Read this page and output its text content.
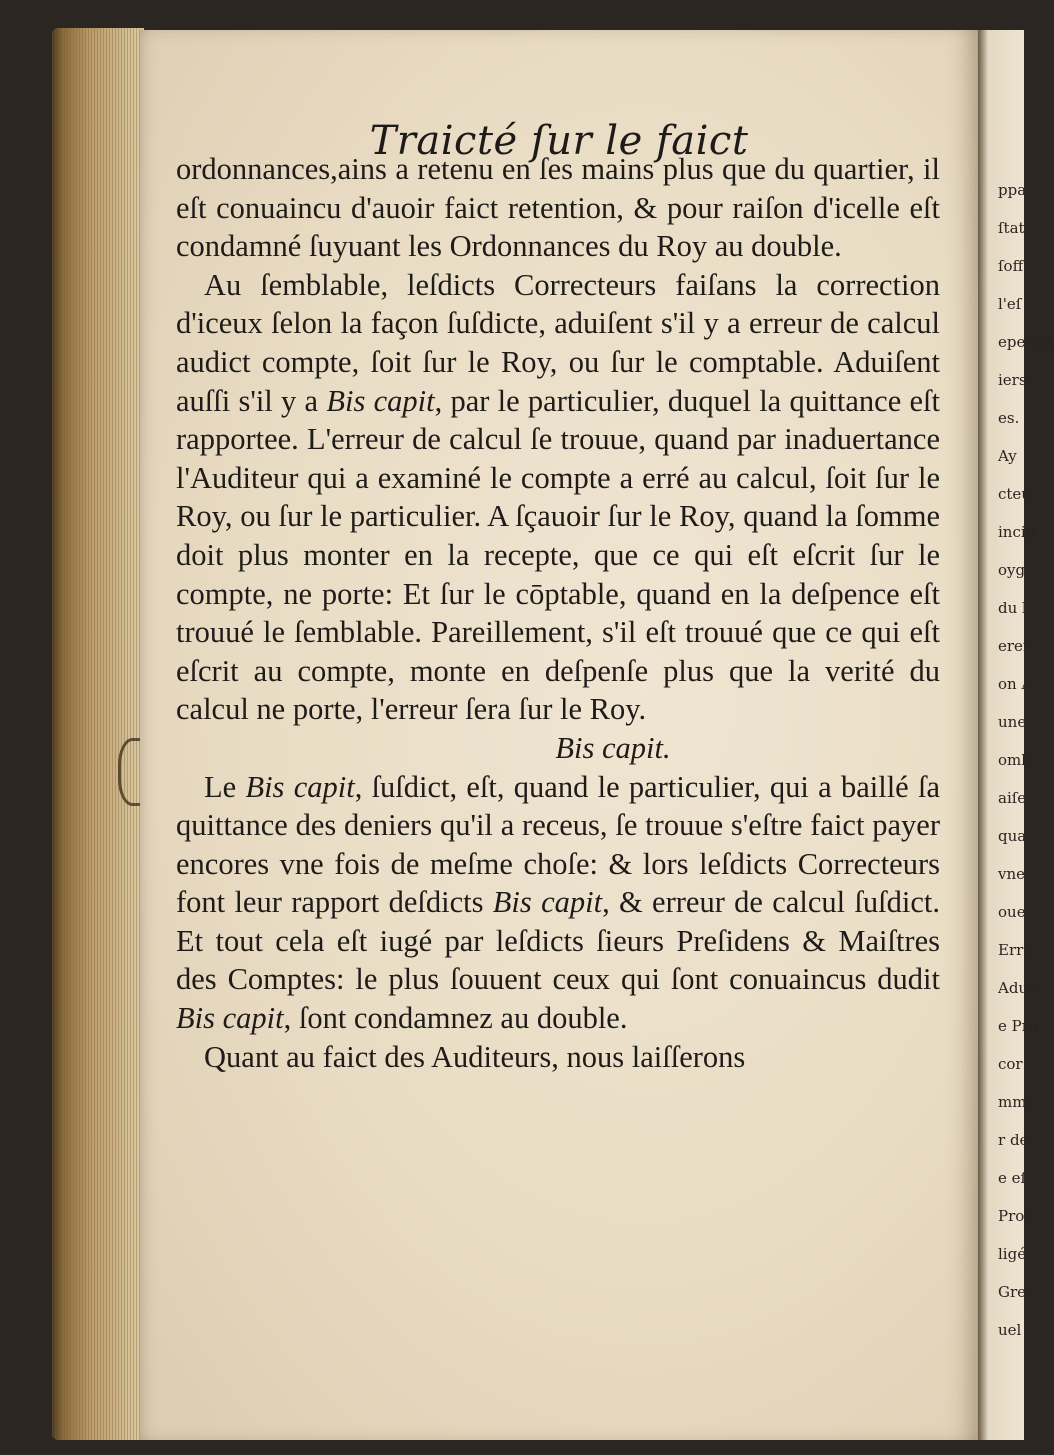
Traicté ſur le faict

ordonnances,ains a retenu en ſes mains plus que du quartier, il eſt conuaincu d'auoir faict retention, & pour raiſon d'icelle eſt condamné ſuyuant les Ordonnances du Roy au double.

Au ſemblable, leſdicts Correcteurs faiſans la correction d'iceux ſelon la façon ſuſdicte, aduiſent s'il y a erreur de calcul audict compte, ſoit ſur le Roy, ou ſur le comptable. Aduiſent auſſi s'il y a Bis capit, par le particulier, duquel la quittance eſt rapportee. L'erreur de calcul ſe trouue, quand par inaduertance l'Auditeur qui a examiné le compte a erré au calcul, ſoit ſur le Roy, ou ſur le particulier. A ſçauoir ſur le Roy, quand la ſomme doit plus monter en la recepte, que ce qui eſt eſcrit ſur le compte, ne porte: Et ſur le cōptable, quand en la deſpence eſt trouué le ſemblable. Pareillement, s'il eſt trouué que ce qui eſt eſcrit au compte, monte en deſpenſe plus que la verité du calcul ne porte, l'erreur ſera ſur le Roy.

Bis capit.

Le Bis capit, ſuſdict, eſt, quand le particulier, qui a baillé ſa quittance des deniers qu'il a receus, ſe trouue s'eſtre faict payer encores vne fois de meſme choſe: & lors leſdicts Correcteurs font leur rapport deſdicts Bis capit, & erreur de calcul ſuſdict. Et tout cela eſt iugé par leſdicts ſieurs Preſidens & Maiſtres des Comptes: le plus ſouuent ceux qui ſont conuaincus dudit Bis capit, ſont condamnez au double.

Quant au faict des Auditeurs, nous laiſſerons

ppa
ſtat
ſoff
l'eſ
ependa
iers
es.
Ay
cteu
incip
oyg
du l
erer
on A
une
omb
aiſe
qua
vne
oue
Erre
Aduo
e Pro
cor
mme
r de
e eſ
Proc
ligé
Grei
uel
